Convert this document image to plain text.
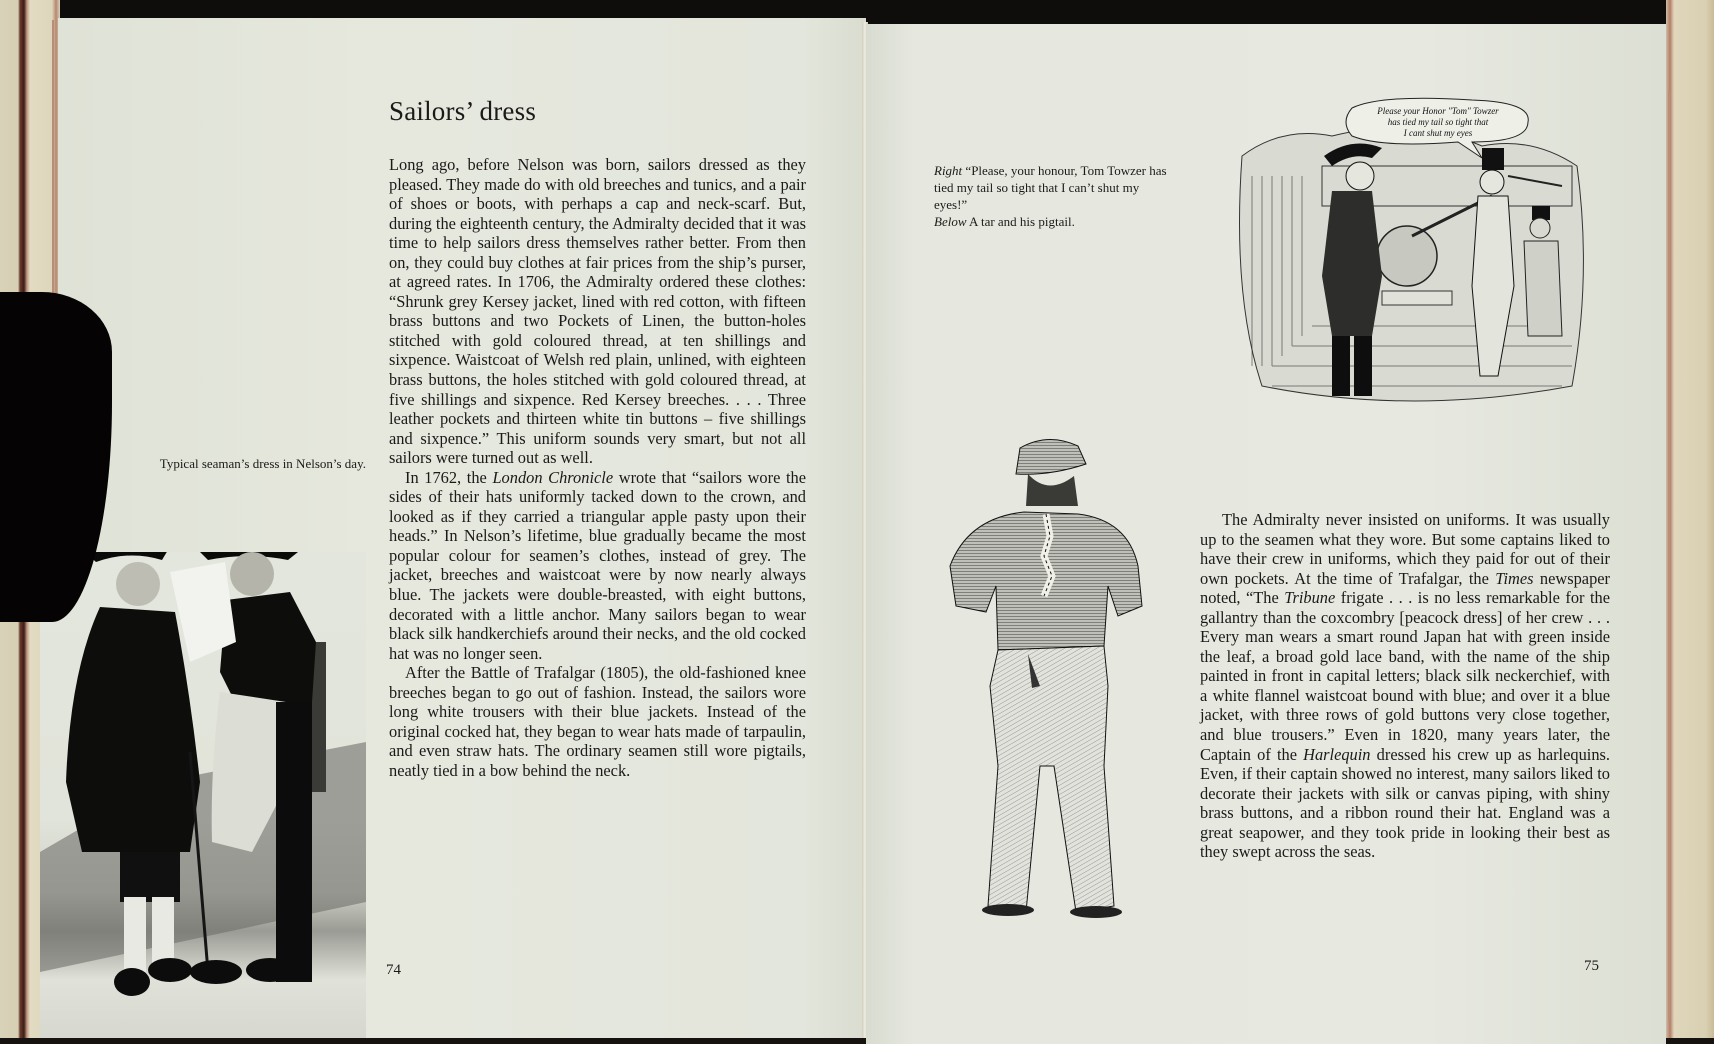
Sailors’ dress
Typical seaman’s dress in Nelson’s day.

Long ago, before Nelson was born, sailors dressed as they pleased. They made do with old breeches and tunics, and a pair of shoes or boots, with perhaps a cap and neck-scarf. But, during the eighteenth century, the Admiralty decided that it was time to help sailors dress themselves rather better. From then on, they could buy clothes at fair prices from the ship’s purser, at agreed rates. In 1706, the Admiralty ordered these clothes: “Shrunk grey Kersey jacket, lined with red cotton, with fifteen brass buttons and two Pockets of Linen, the button-holes stitched with gold coloured thread, at ten shillings and sixpence. Waistcoat of Welsh red plain, unlined, with eighteen brass buttons, the holes stitched with gold coloured thread, at five shillings and sixpence. Red Kersey breeches. . . . Three leather pockets and thirteen white tin buttons – five shillings and sixpence.” This uniform sounds very smart, but not all sailors were turned out as well.

In 1762, the London Chronicle wrote that “sailors wore the sides of their hats uniformly tacked down to the crown, and looked as if they carried a triangular apple pasty upon their heads.” In Nelson’s lifetime, blue gradually became the most popular colour for seamen’s clothes, instead of grey. The jacket, breeches and waistcoat were by now nearly always blue. The jackets were double-breasted, with eight buttons, decorated with a little anchor. Many sailors began to wear black silk handkerchiefs around their necks, and the old cocked hat was no longer seen.

After the Battle of Trafalgar (1805), the old-fashioned knee breeches began to go out of fashion. Instead, the sailors wore long white trousers with their blue jackets. Instead of the original cocked hat, they began to wear hats made of tarpaulin, and even straw hats. The ordinary seamen still wore pigtails, neatly tied in a bow behind the neck.

74
Right “Please, your honour, Tom Towzer has tied my tail so tight that I can’t shut my eyes!”
Below A tar and his pigtail.
Please your Honor "Tom" Towzer
has tied my tail so tight that
I cant shut my eyes

The Admiralty never insisted on uniforms. It was usually up to the seamen what they wore. But some captains liked to have their crew in uniforms, which they paid for out of their own pockets. At the time of Trafalgar, the Times newspaper noted, “The Tribune frigate . . . is no less remarkable for the gallantry than the coxcombry [peacock dress] of her crew . . . Every man wears a smart round Japan hat with green inside the leaf, a broad gold lace band, with the name of the ship painted in front in capital letters; black silk neckerchief, with a white flannel waistcoat bound with blue; and over it a blue jacket, with three rows of gold buttons very close together, and blue trousers.” Even in 1820, many years later, the Captain of the Harlequin dressed his crew up as harlequins. Even, if their captain showed no interest, many sailors liked to decorate their jackets with silk or canvas piping, with shiny brass buttons, and a ribbon round their hat. England was a great seapower, and they took pride in looking their best as they swept across the seas.

75
